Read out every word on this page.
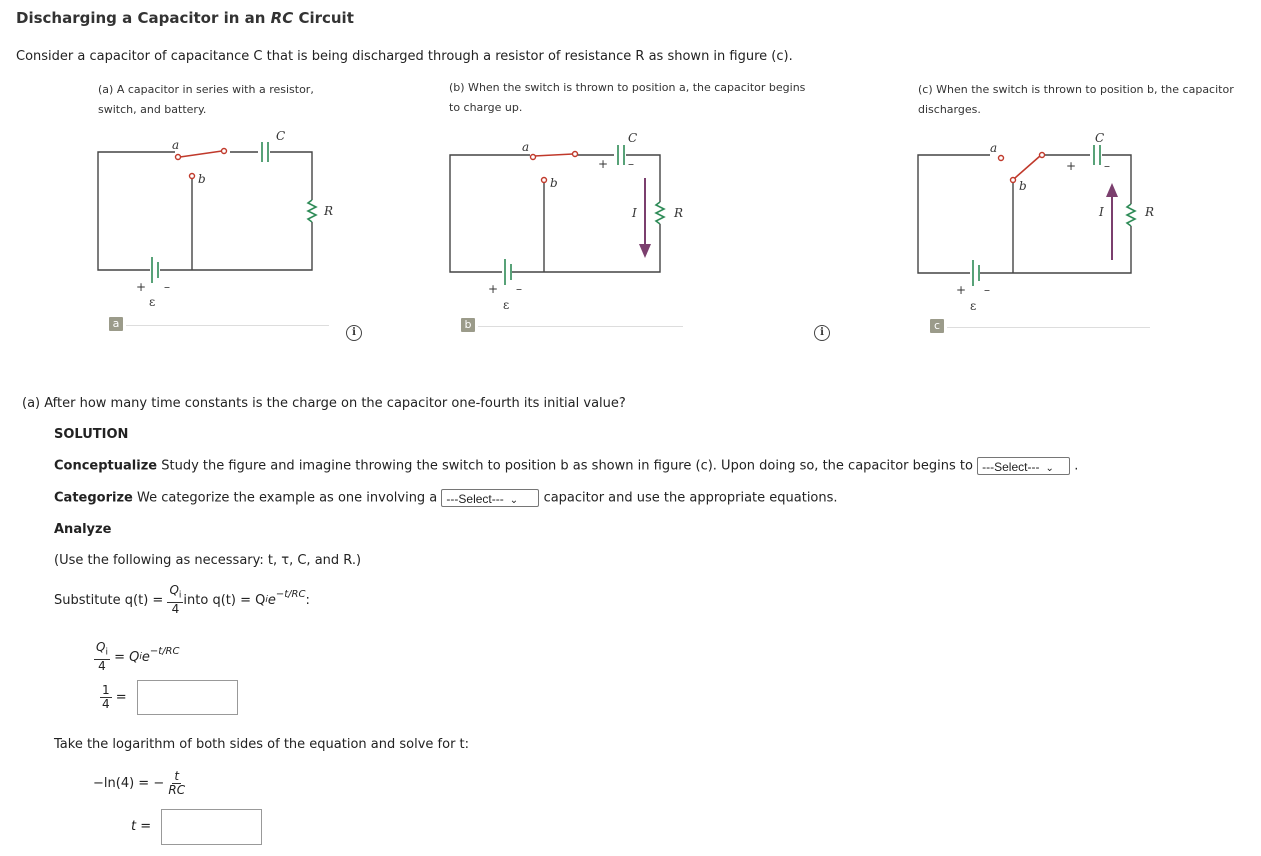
Discharging a Capacitor in an RC Circuit
Consider a capacitor of capacitance C that is being discharged through a resistor of resistance R as shown in figure (c).
(a) A capacitor in series with a resistor,
switch, and battery.
(b) When the switch is thrown to position a, the capacitor begins
to charge up.
(c) When the switch is thrown to position b, the capacitor
discharges.
a
b
C
R
+ –
ε
a
b
C
R
I
+ –
+ –
ε
a
b
C
R
I
+ –
+ –
ε
a
i
b
i
c
(a) After how many time constants is the charge on the capacitor one-fourth its initial value?
SOLUTION
Conceptualize Study the figure and imagine throwing the switch to position b as shown in figure (c). Upon doing so, the capacitor begins to ---Select--- ⌄ .
Categorize We categorize the example as one involving a ---Select--- ⌄ capacitor and use the appropriate equations.
Analyze
(Use the following as necessary: t, τ, C, and R.)
Substitute q(t) =
$\frac{Q_i}{4}$ into q(t) = Q i $e^{-t/RC}$ :
$\frac{Q_i}{4}$
= Q i $e^{-t/RC}$
$\frac{1}{4}$
=
Take the logarithm of both sides of the equation and solve for t:
−ln(4) = −
$\frac{t}{RC}$
t =
